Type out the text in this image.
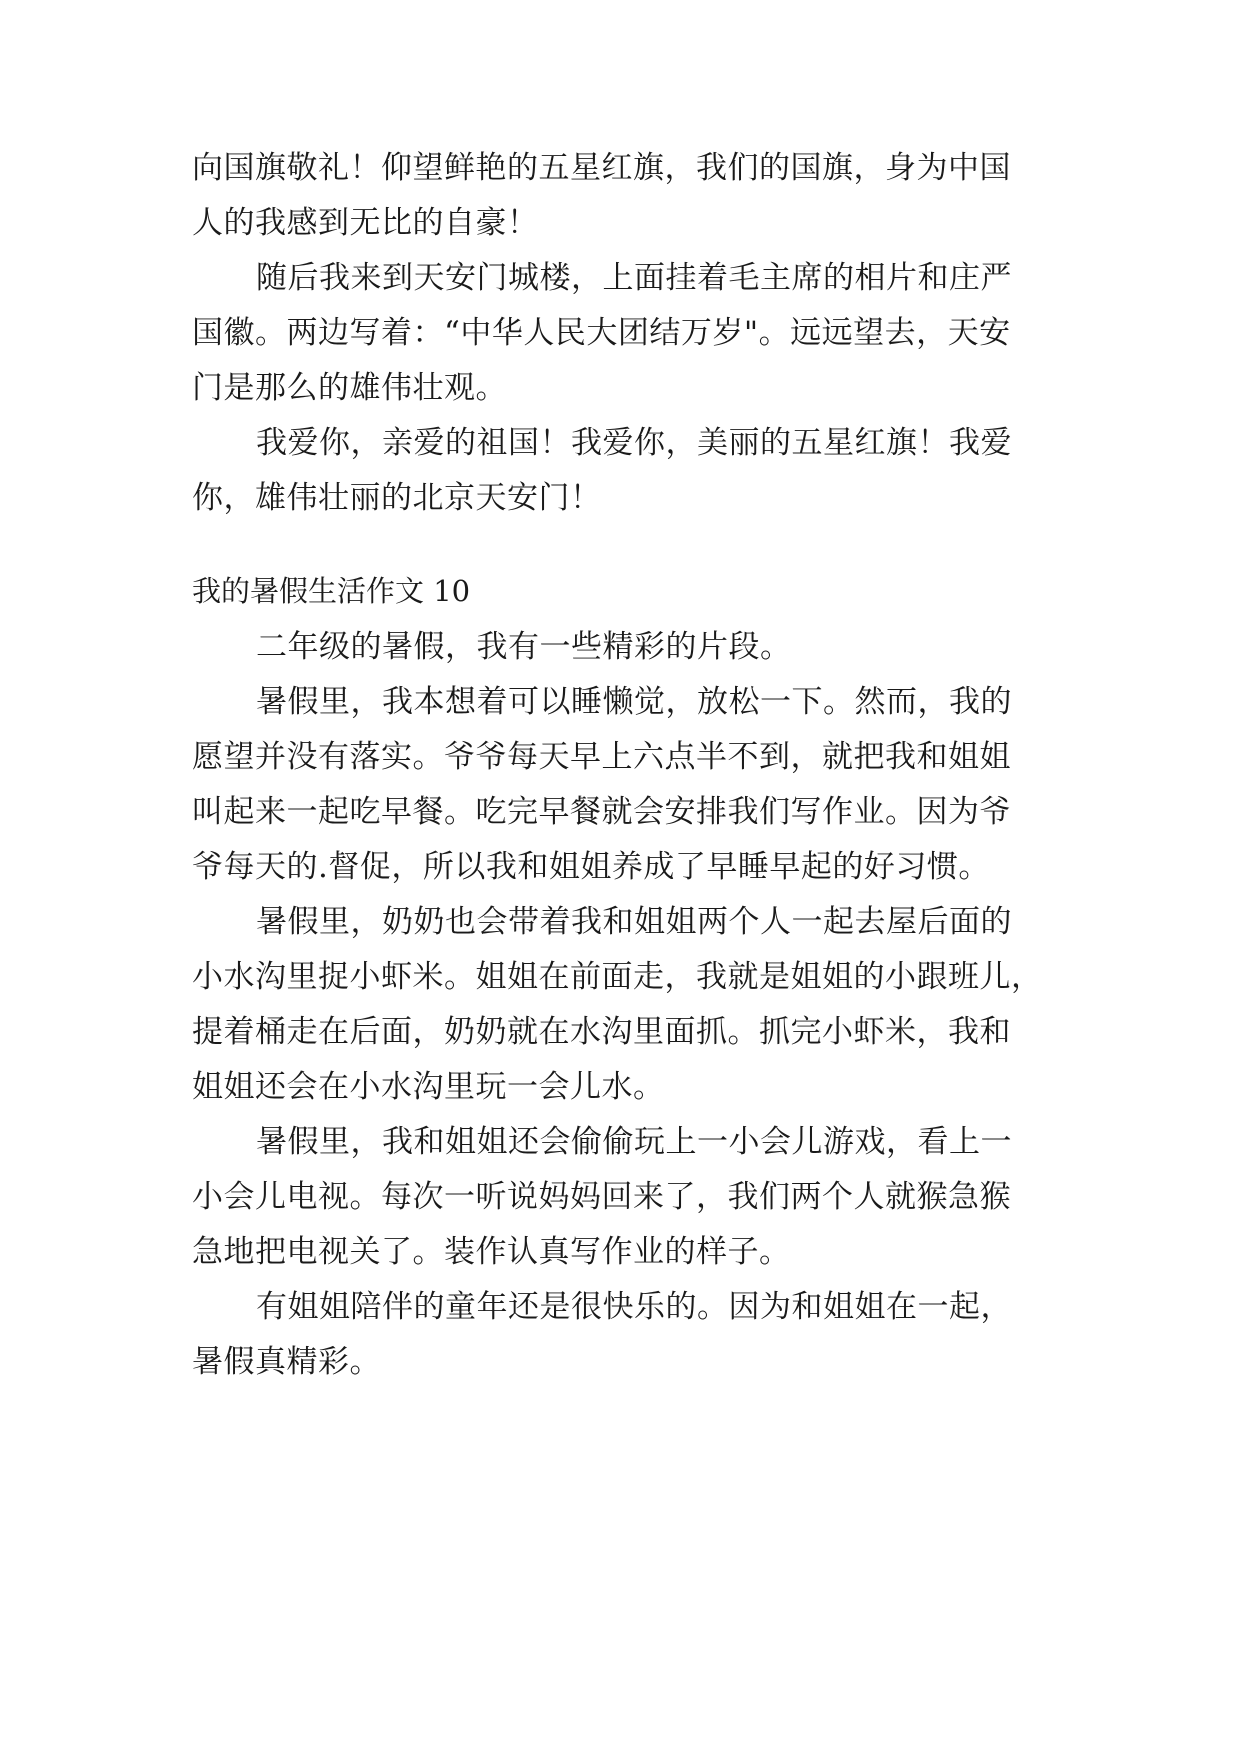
向国旗敬礼！仰望鲜艳的五星红旗，我们的国旗，身为中国
人的我感到无比的自豪！
随后我来到天安门城楼，上面挂着毛主席的相片和庄严
国徽。两边写着：“中华人民大团结万岁"。远远望去，天安
门是那么的雄伟壮观。
我爱你，亲爱的祖国！我爱你，美丽的五星红旗！我爱
你，雄伟壮丽的北京天安门！
我的暑假生活作文 10
二年级的暑假，我有一些精彩的片段。
暑假里，我本想着可以睡懒觉，放松一下。然而，我的
愿望并没有落实。爷爷每天早上六点半不到，就把我和姐姐
叫起来一起吃早餐。吃完早餐就会安排我们写作业。因为爷
爷每天的.督促，所以我和姐姐养成了早睡早起的好习惯。
暑假里，奶奶也会带着我和姐姐两个人一起去屋后面的
小水沟里捉小虾米。姐姐在前面走，我就是姐姐的小跟班儿，
提着桶走在后面，奶奶就在水沟里面抓。抓完小虾米，我和
姐姐还会在小水沟里玩一会儿水。
暑假里，我和姐姐还会偷偷玩上一小会儿游戏，看上一
小会儿电视。每次一听说妈妈回来了，我们两个人就猴急猴
急地把电视关了。装作认真写作业的样子。
有姐姐陪伴的童年还是很快乐的。因为和姐姐在一起，
暑假真精彩。
